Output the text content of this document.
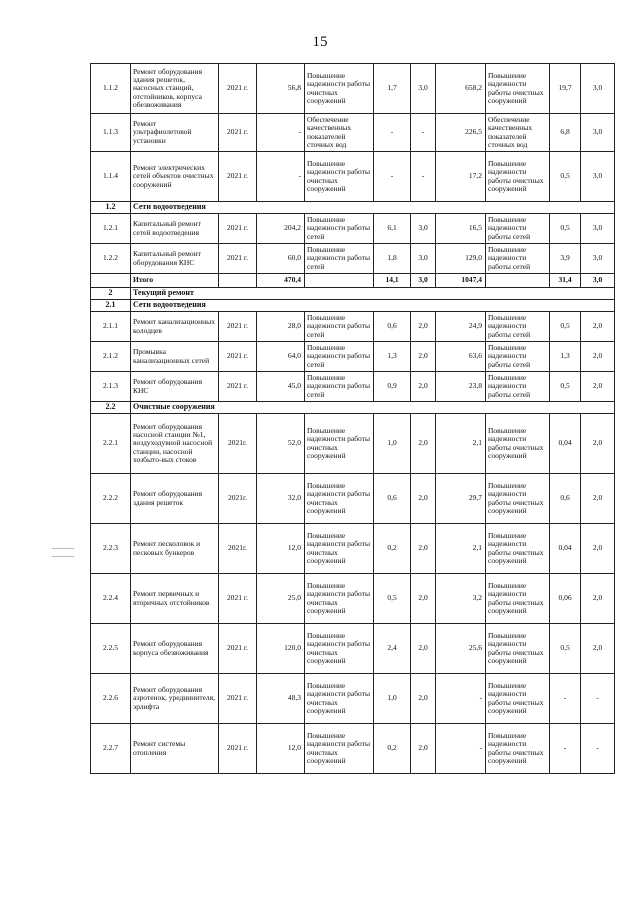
15
1.1.2	Ремонт оборудования здания решеток, насосных станций, отстойников, корпуса обезвоживания	2021 г.	56,8	Повышение надежности работы очистных сооружений	1,7	3,0	658,2	Повышение надежности работы очистных сооружений	19,7	3,0
1.1.3	Ремонт ультрафиолетовой установки	2021 г.	-	Обеспечение качественных показателей сточных вод	-	-	226,5	Обеспечение качественных показателей сточных вод	6,8	3,0
1.1.4	Ремонт электрических сетей объектов очистных сооружений	2021 г.	-	Повышение надежности работы очистных сооружений	-	-	17,2	Повышение надежности работы очистных сооружений	0,5	3,0
1.2	Сети водоотведения									
1.2.1	Капитальный ремонт сетей водоотведения	2021 г.	204,2	Повышение надежности работы сетей	6,1	3,0	16,5	Повышение надежности работы сетей	0,5	3,0
1.2.2	Капитальный ремонт оборудования КНС	2021 г.	60,0	Повышение надежности работы сетей	1,8	3,0	129,0	Повышение надежности работы сетей	3,9	3,0
	Итого		470,4		14,1	3,0	1047,4		31,4	3,0
2	Текущий ремонт									
2.1	Сети водоотведения									
2.1.1	Ремонт канализационных колодцев	2021 г.	28,0	Повышение надежности работы сетей	0,6	2,0	24,9	Повышение надежности работы сетей	0,5	2,0
2.1.2	Промывка канализационных сетей	2021 г.	64,0	Повышение надежности работы сетей	1,3	2,0	63,6	Повышение надежности работы сетей	1,3	2,0
2.1.3	Ремонт оборудования КНС	2021 г.	45,0	Повышение надежности работы сетей	0,9	2,0	23,8	Повышение надежности работы сетей	0,5	2,0
2.2	Очистные сооружения									
2.2.1	Ремонт оборудования насосной станции №1, воздуходувной насосной станции, насосной хозбыто-вых стоков	2021г.	52,0	Повышение надежности работы очистных сооружений	1,0	2,0	2,1	Повышение надежности работы очистных сооружений	0,04	2,0
2.2.2	Ремонт оборудования здания решеток	2021г.	32,0	Повышение надежности работы очистных сооружений	0,6	2,0	29,7	Повышение надежности работы очистных сооружений	0,6	2,0
2.2.3	Ремонт песколовок и песковых бункеров	2021г.	12,0	Повышение надежности работы очистных сооружений	0,2	2,0	2,1	Повышение надежности работы очистных сооружений	0,04	2,0
2.2.4	Ремонт первичных и вторичных отстойников	2021 г.	25,0	Повышение надежности работы очистных сооружений	0,5	2,0	3,2	Повышение надежности работы очистных сооружений	0,06	2,0
2.2.5	Ремонт оборудования корпуса обезвоживания	2021 г.	120,0	Повышение надежности работы очистных сооружений	2,4	2,0	25,6	Повышение надежности работы очистных сооружений	0,5	2,0
2.2.6	Ремонт оборудования аэротенок, уредиинителя, эрлифта	2021 г.	48,3	Повышение надежности работы очистных сооружений	1,0	2,0	-	Повышение надежности работы очистных сооружений	-	-
2.2.7	Ремонт системы отопления	2021 г.	12,0	Повышение надежности работы очистных сооружений	0,2	2,0	-	Повышение надежности работы очистных сооружений	-	-
